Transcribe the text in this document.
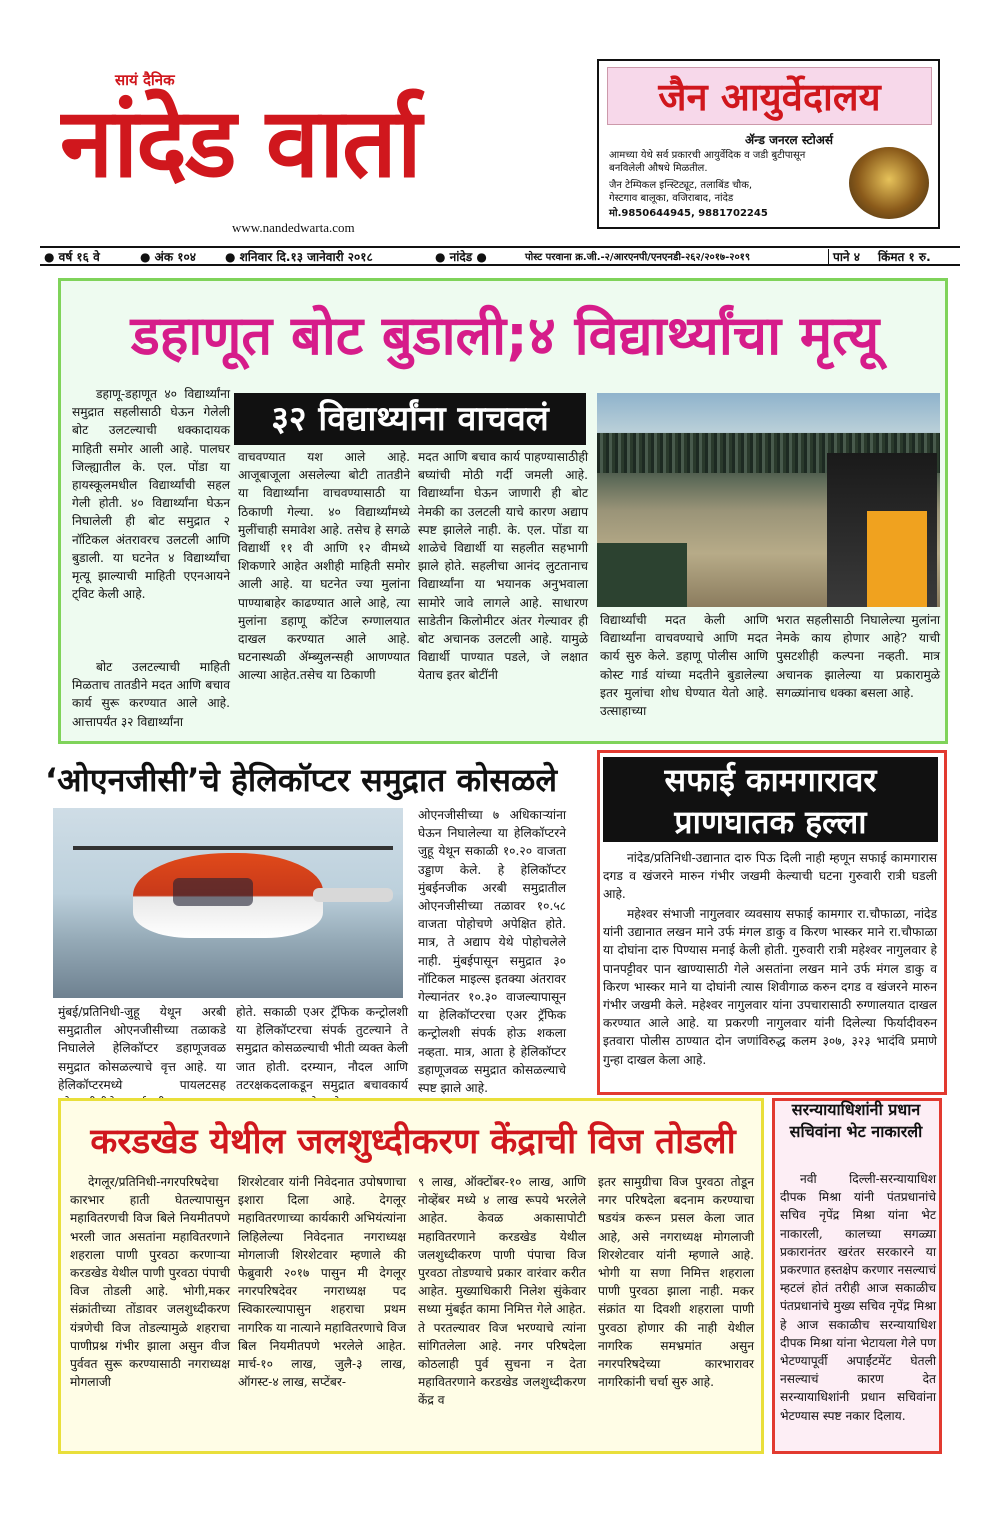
सायं दैनिक
नांदेड वार्ता
www.nandedwarta.com
जैन आयुर्वेदालय
ॲन्ड जनरल स्टोअर्स
आमच्या येथे सर्व प्रकारची आयुर्वेदिक व जडी बुटीपासून बनविलेली औषधे मिळतील.
जैन टेम्पिकल इन्स्टिट्यूट, तलाबिंड चौक,
गेस्टगाव बालूका, वजिराबाद, नांदेड
मो.9850644945, 9881702245
● वर्ष १६ वे	● अंक १०४ ● शनिवार दि.१३ जानेवारी २०१८	● नांदेड ●	पोस्ट परवाना क्र.जी.-२/आरएनपी/एनएनडी-२६२/२०१७-२०१९	पाने ४ किंमत १ रु.
डहाणूत बोट बुडाली;४ विद्यार्थ्यांचा मृत्यू
३२ विद्यार्थ्यांना वाचवलं
डहाणू-डहाणूत ४० विद्यार्थ्यांना समुद्रात सहलीसाठी घेऊन गेलेली बोट उलटल्याची धक्कादायक माहिती समोर आली आहे. पालघर जिल्ह्यातील के. एल. पोंडा या हायस्कूलमधील विद्यार्थ्यांची सहल गेली होती. ४० विद्यार्थ्यांना घेऊन निघालेली ही बोट समुद्रात २ नॉटिकल अंतरावरच उलटली आणि बुडाली. या घटनेत ४ विद्यार्थ्यांचा मृत्यू झाल्याची माहिती एएनआयने ट्विट केली आहे.
बोट उलटल्याची माहिती मिळताच तातडीने मदत आणि बचाव कार्य सुरू करण्यात आले आहे. आत्तापर्यंत ३२ विद्यार्थ्यांना
वाचवण्यात यश आले आहे. आजूबाजूला असलेल्या बोटी तातडीने या विद्यार्थ्यांना वाचवण्यासाठी या ठिकाणी गेल्या. ४० विद्यार्थ्यांमध्ये मुलींचाही समावेश आहे. तसेच हे सगळे विद्यार्थी ११ वी आणि १२ वीमध्ये शिकणारे आहेत अशीही माहिती समोर आली आहे. या घटनेत ज्या मुलांना पाण्याबाहेर काढण्यात आले आहे, त्या मुलांना डहाणू कॉटेज रुग्णालयात दाखल करण्यात आले आहे. घटनास्थळी ॲम्ब्युलन्सही आणण्यात आल्या आहेत.तसेच या ठिकाणी
मदत आणि बचाव कार्य पाहण्यासाठीही बघ्यांची मोठी गर्दी जमली आहे. विद्यार्थ्यांना घेऊन जाणारी ही बोट नेमकी का उलटली याचे कारण अद्याप स्पष्ट झालेले नाही. के. एल. पोंडा या शाळेचे विद्यार्थी या सहलीत सहभागी झाले होते. सहलीचा आनंद लुटतानाच विद्यार्थ्यांना या भयानक अनुभवाला सामोरे जावे लागले आहे. साधारण साडेतीन किलोमीटर अंतर गेल्यावर ही बोट अचानक उलटली आहे. यामुळे विद्यार्थी पाण्यात पडले, जे लक्षात येताच इतर बोटींनी
विद्यार्थ्यांची मदत केली आणि विद्यार्थ्यांना वाचवण्याचे आणि मदत कार्य सुरु केले. डहाणू पोलीस आणि कोस्ट गार्ड यांच्या मदतीने बुडालेल्या इतर मुलांचा शोध घेण्यात येतो आहे. उत्साहाच्या
भरात सहलीसाठी निघालेल्या मुलांना नेमके काय होणार आहे? याची पुसटशीही कल्पना नव्हती. मात्र अचानक झालेल्या या प्रकारामुळे सगळ्यांनाच धक्का बसला आहे.
‘ओएनजीसी’चे हेलिकॉप्टर समुद्रात कोसळले
ओएनजीसीच्या ७ अधिकाऱ्यांना घेऊन निघालेल्या या हेलिकॉप्टरने जुहू येथून सकाळी १०.२० वाजता उड्डाण केले. हे हेलिकॉप्टर मुंबईनजीक अरबी समुद्रातील ओएनजीसीच्या तळावर १०.५८ वाजता पोहोचणे अपेक्षित होते. मात्र, ते अद्याप येथे पोहोचलेले नाही. मुंबईपासून समुद्रात ३० नॉटिकल माइल्स इतक्या अंतरावर गेल्यानंतर १०.३० वाजल्यापासून या हेलिकॉप्टरचा एअर ट्रॅफिक कन्ट्रोलशी संपर्क होऊ शकला नव्हता. मात्र, आता हे हेलिकॉप्टर डहाणूजवळ समुद्रात कोसळल्याचे स्पष्ट झाले आहे.
मुंबई/प्रतिनिधी-जुहू येथून अरबी समुद्रातील ओएनजीसीच्या तळाकडे निघालेले हेलिकॉप्टर डहाणूजवळ समुद्रात कोसळल्याचे वृत्त आहे. या हेलिकॉप्टरमध्ये पायलटसह
होते. सकाळी एअर ट्रॅफिक कन्ट्रोलशी या हेलिकॉप्टरचा संपर्क तुटल्याने ते समुद्रात कोसळल्याची भीती व्यक्त केली जात होती. दरम्यान, नौदल आणि तटरक्षकदलाकडून समुद्रात बचावकार्य
सफाई कामगारावर
प्राणघातक हल्ला
नांदेड/प्रतिनिधी-उद्यानात दारु पिऊ दिली नाही म्हणून सफाई कामगारास दगड व खंजरने मारुन गंभीर जखमी केल्याची घटना गुरुवारी रात्री घडली आहे.
महेश्वर संभाजी नागुलवार व्यवसाय सफाई कामगार रा.चौफाळा, नांदेड यांनी उद्यानात लखन माने उर्फ मंगल डाकु व किरण भास्कर माने रा.चौफाळा या दोघांना दारु पिण्यास मनाई केली होती. गुरुवारी रात्री महेश्वर नागुलवार हे पानपट्टीवर पान खाण्यासाठी गेले असतांना लखन माने उर्फ मंगल डाकु व किरण भास्कर माने या दोघांनी त्यास शिवीगाळ करुन दगड व खंजरने मारुन गंभीर जखमी केले. महेश्वर नागुलवार यांना उपचारासाठी रुग्णालयात दाखल करण्यात आले आहे. या प्रकरणी नागुलवार यांनी दिलेल्या फिर्यादीवरुन इतवारा पोलीस ठाण्यात दोन जणांविरुद्ध कलम ३०७, ३२३ भादंवि प्रमाणे गुन्हा दाखल केला आहे.
करडखेड येथील जलशुध्दीकरण केंद्राची विज तोडली
देगलूर/प्रतिनिधी-नगरपरिषदेचा कारभार हाती घेतल्यापासुन महावितरणची विज बिले नियमीतपणे भरली जात असतांना महावितरणाने शहराला पाणी पुरवठा करणाऱ्या करडखेड येथील पाणी पुरवठा पंपाची विज तोडली आहे. भोगी,मकर संक्रांतीच्या तोंडावर जलशुध्दीकरण यंत्रणेची विज तोडल्यामुळे शहराचा पाणीप्रश्न गंभीर झाला असुन वीज पुर्ववत सुरू करण्यासाठी नगराध्यक्ष मोगलाजी
शिरशेटवार यांनी निवेदनात उपोषणाचा इशारा दिला आहे. देगलूर महावितरणाच्या कार्यकारी अभियंत्यांना लिहिलेल्या निवेदनात नगराध्यक्ष मोगलाजी शिरशेटवार म्हणाले की फेब्रुवारी २०१७ पासुन मी देगलूर नगरपरिषदेवर नगराध्यक्ष पद स्विकारल्यापासुन शहराचा प्रथम नागरिक या नात्याने महावितरणाचे विज बिल नियमीतपणे भरलेले आहेत. मार्च-१० लाख, जुलै-३ लाख, ऑगस्ट-४ लाख, सप्टेंबर-
९ लाख, ऑक्टोंबर-१० लाख, आणि नोव्हेंबर मध्ये ४ लाख रूपये भरलेले आहेत. केवळ अकासापोटी महावितरणाने करडखेड येथील जलशुध्दीकरण पाणी पंपाचा विज पुरवठा तोडण्याचे प्रकार वारंवार करीत आहेत. मुख्याधिकारी निलेश सुंकेवार सध्या मुंबईत कामा निमित्त गेले आहेत. ते परतल्यावर विज भरण्याचे त्यांना सांगितलेला आहे. नगर परिषदेला कोठलाही पुर्व सुचना न देता महावितरणाने करडखेड जलशुध्दीकरण केंद्र व
इतर सामुग्रीचा विज पुरवठा तोडून नगर परिषदेला बदनाम करण्याचा षडयंत्र करून प्रसल केला जात आहे, असे नगराध्यक्ष मोगलाजी शिरशेटवार यांनी म्हणाले आहे. भोगी या सणा निमित्त शहराला पाणी पुरवठा झाला नाही. मकर संक्रांत या दिवशी शहराला पाणी पुरवठा होणार की नाही येथील नागरिक समभ्रमांत असुन नगरपरिषदेच्या कारभारावर नागरिकांनी चर्चा सुरु आहे.
सरन्यायाधिशांनी प्रधान सचिवांना भेट नाकारली
नवी दिल्ली-सरन्यायाधिश दीपक मिश्रा यांनी पंतप्रधानांचे सचिव नृपेंद्र मिश्रा यांना भेट नाकारली, कालच्या सगळ्या प्रकारानंतर खरंतर सरकारने या प्रकरणात हस्तक्षेप करणार नसल्याचं म्हटलं होतं तरीही आज सकाळीच पंतप्रधानांचे मुख्य सचिव नृपेंद्र मिश्रा हे आज सकाळीच सरन्यायाधिश दीपक मिश्रा यांना भेटायला गेले पण भेटण्यापूर्वी अपाईंटमेंट घेतली नसल्याचं कारण देत सरन्यायाधिशांनी प्रधान सचिवांना भेटण्यास स्पष्ट नकार दिलाय.
